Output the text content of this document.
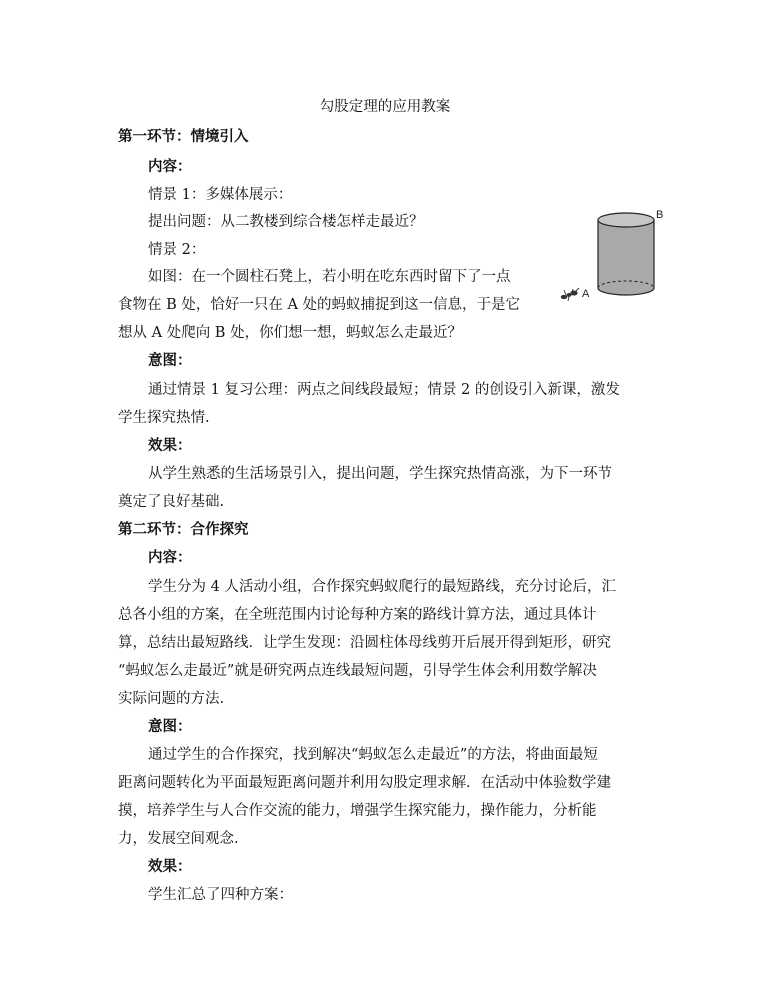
勾股定理的应用教案
第一环节：情境引入
内容：
情景 1：多媒体展示：
提出问题：从二教楼到综合楼怎样走最近？
情景 2：
如图：在一个圆柱石凳上，若小明在吃东西时留下了一点
食物在 B 处，恰好一只在 A 处的蚂蚁捕捉到这一信息，于是它
想从 A 处爬向 B 处，你们想一想，蚂蚁怎么走最近？
意图：
通过情景 1 复习公理：两点之间线段最短；情景 2 的创设引入新课，激发
学生探究热情.
效果：
从学生熟悉的生活场景引入，提出问题，学生探究热情高涨，为下一环节
奠定了良好基础.
第二环节：合作探究
内容：
学生分为 4 人活动小组，合作探究蚂蚁爬行的最短路线，充分讨论后，汇
总各小组的方案，在全班范围内讨论每种方案的路线计算方法，通过具体计
算，总结出最短路线．让学生发现：沿圆柱体母线剪开后展开得到矩形，研究
“蚂蚁怎么走最近”就是研究两点连线最短问题，引导学生体会利用数学解决
实际问题的方法.
意图：
通过学生的合作探究，找到解决“蚂蚁怎么走最近”的方法，将曲面最短
距离问题转化为平面最短距离问题并利用勾股定理求解．在活动中体验数学建
摸，培养学生与人合作交流的能力，增强学生探究能力，操作能力，分析能
力，发展空间观念.
效果：
学生汇总了四种方案：
A
B
